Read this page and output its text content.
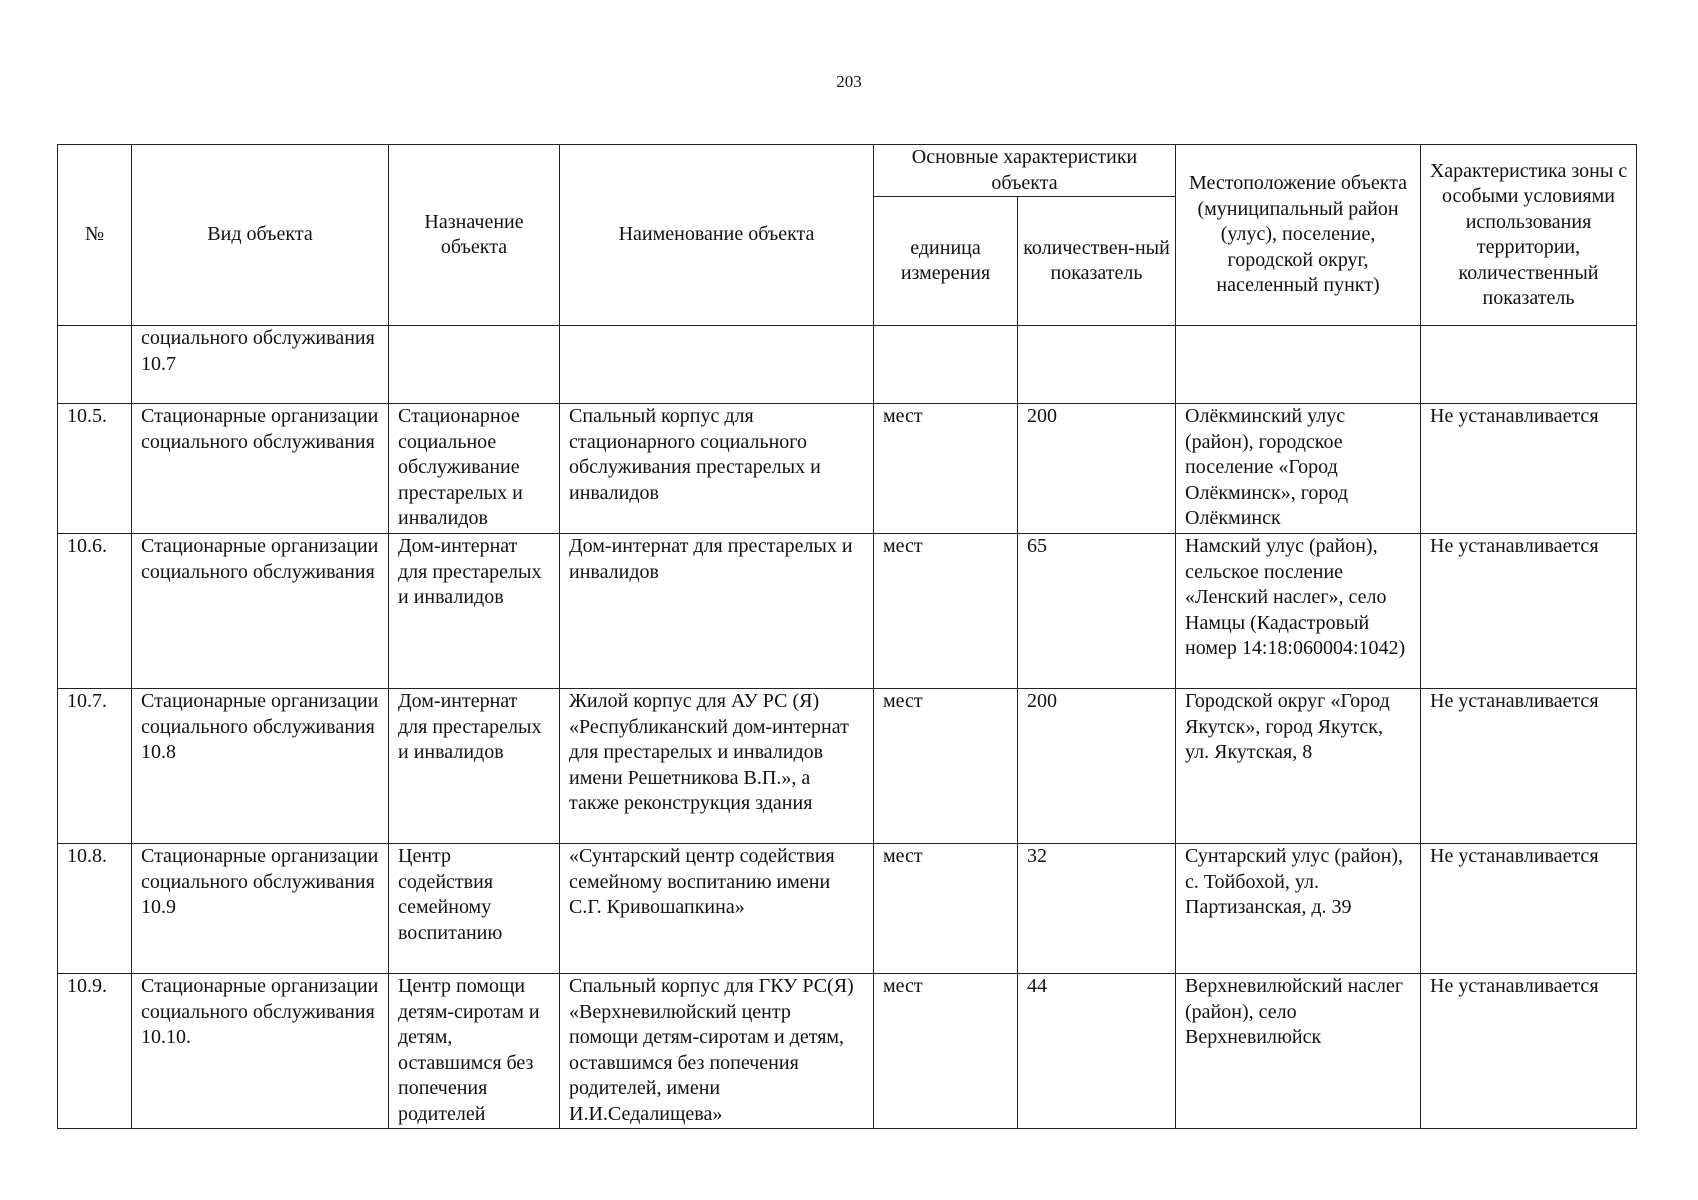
203
№	Вид объекта	Назначение объекта	Наименование объекта	Основные характеристики объекта		Местоположение объекта (муниципальный район (улус), поселение, городской округ, населенный пункт)	Характеристика зоны с особыми условиями использования территории, количественный показатель
				единица измерения	количествен-ный показатель		
	социального обслуживания 10.7						
10.5.	Стационарные организации социального обслуживания	Стационарное социальное обслуживание престарелых и инвалидов	Спальный корпус для стационарного социального обслуживания престарелых и инвалидов	мест	200	Олёкминский улус (район), городское поселение «Город Олёкминск», город Олёкминск	Не устанавливается
10.6.	Стационарные организации социального обслуживания	Дом-интернат для престарелых и инвалидов	Дом-интернат для престарелых и инвалидов	мест	65	Намский улус (район), сельское посление «Ленский наслег», село Намцы (Кадастровый номер 14:18:060004:1042)	Не устанавливается
10.7.	Стационарные организации социального обслуживания 10.8	Дом-интернат для престарелых и инвалидов	Жилой корпус для АУ РС (Я) «Республиканский дом-интернат для престарелых и инвалидов имени Решетникова В.П.», а также реконструкция здания	мест	200	Городской округ «Город Якутск», город Якутск, ул. Якутская, 8	Не устанавливается
10.8.	Стационарные организации социального обслуживания 10.9	Центр содействия семейному воспитанию	«Сунтарский центр содействия семейному воспитанию имени С.Г. Кривошапкина»	мест	32	Сунтарский улус (район), с. Тойбохой, ул. Партизанская, д. 39	Не устанавливается
10.9.	Стационарные организации социального обслуживания 10.10.	Центр помощи детям-сиротам и детям, оставшимся без попечения родителей	Спальный корпус для ГКУ РС(Я) «Верхневилюйский центр помощи детям-сиротам и детям, оставшимся без попечения родителей, имени И.И.Седалищева»	мест	44	Верхневилюйский наслег (район), село Верхневилюйск	Не устанавливается
